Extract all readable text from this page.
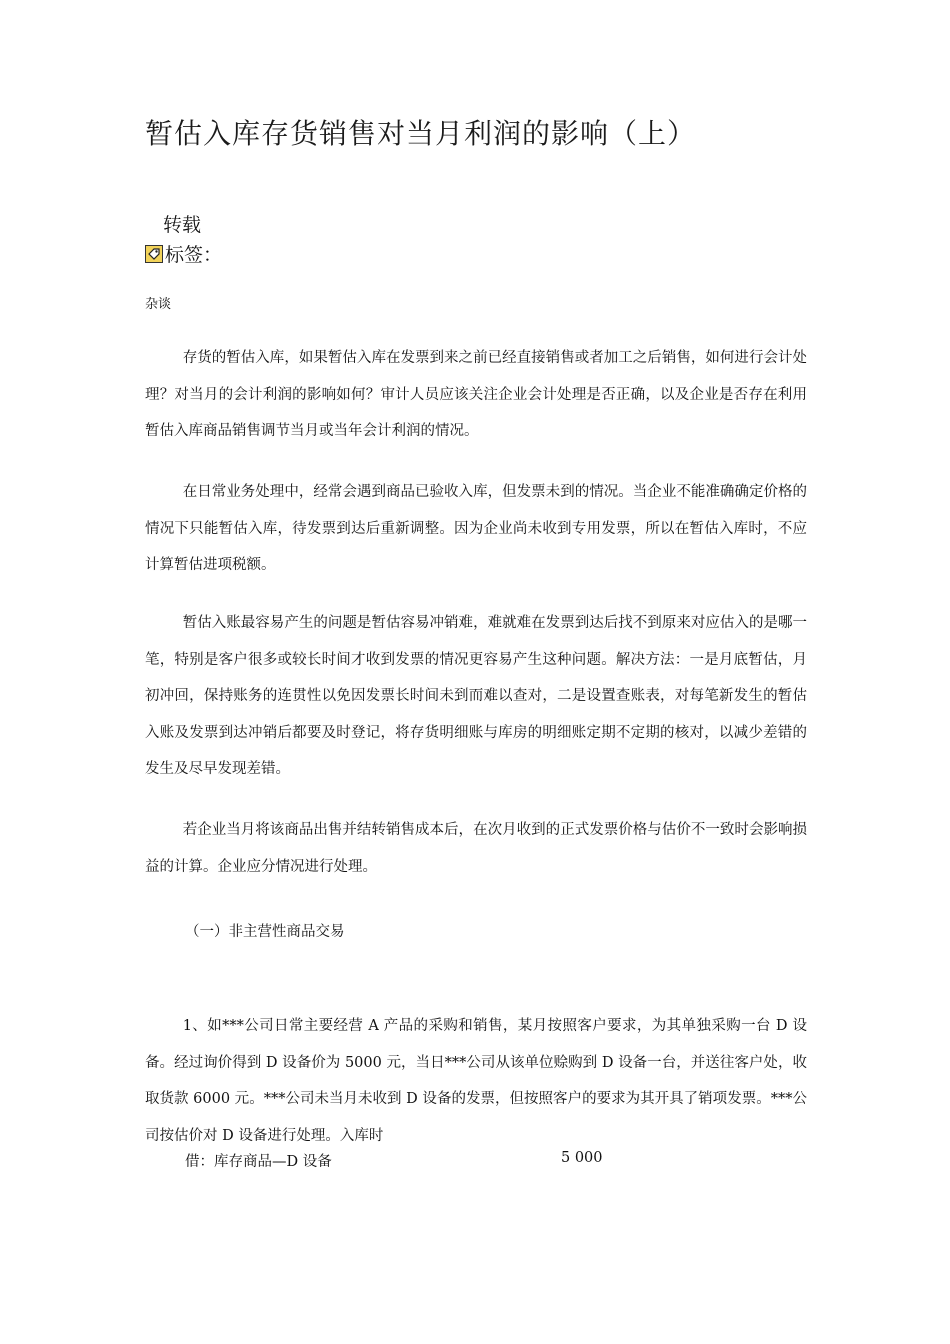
暂估入库存货销售对当月利润的影响（上）
转载
标签：
杂谈

存货的暂估入库，如果暂估入库在发票到来之前已经直接销售或者加工之后销售，如何进行会计处理？对当月的会计利润的影响如何？审计人员应该关注企业会计处理是否正确，以及企业是否存在利用暂估入库商品销售调节当月或当年会计利润的情况。

在日常业务处理中，经常会遇到商品已验收入库，但发票未到的情况。当企业不能准确确定价格的情况下只能暂估入库，待发票到达后重新调整。因为企业尚未收到专用发票，所以在暂估入库时，不应计算暂估进项税额。

暂估入账最容易产生的问题是暂估容易冲销难，难就难在发票到达后找不到原来对应估入的是哪一笔，特别是客户很多或较长时间才收到发票的情况更容易产生这种问题。解决方法：一是月底暂估，月初冲回，保持账务的连贯性以免因发票长时间未到而难以查对，二是设置查账表，对每笔新发生的暂估入账及发票到达冲销后都要及时登记，将存货明细账与库房的明细账定期不定期的核对，以减少差错的发生及尽早发现差错。

若企业当月将该商品出售并结转销售成本后，在次月收到的正式发票价格与估价不一致时会影响损益的计算。企业应分情况进行处理。

（一）非主营性商品交易

1、如***公司日常主要经营 A 产品的采购和销售，某月按照客户要求，为其单独采购一台 D 设备。经过询价得到 D 设备价为 5000 元，当日***公司从该单位赊购到 D 设备一台，并送往客户处，收取货款 6000 元。***公司未当月未收到 D 设备的发票，但按照客户的要求为其开具了销项发票。***公司按估价对 D 设备进行处理。入库时

借：库存商品—D 设备	5 000
